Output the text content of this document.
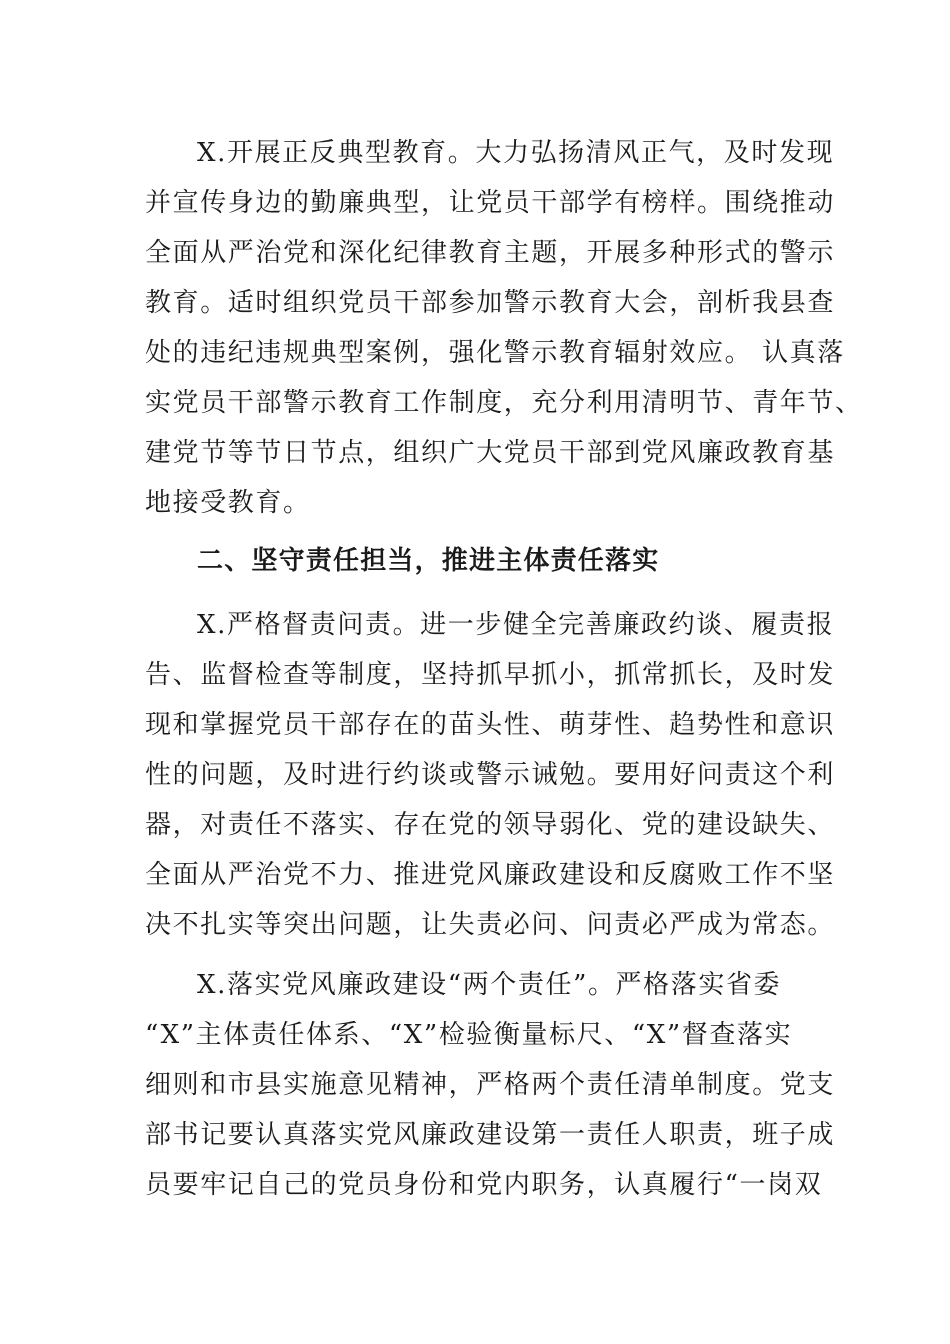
X.开展正反典型教育。大力弘扬清风正气，及时发现
并宣传身边的勤廉典型，让党员干部学有榜样。围绕推动
全面从严治党和深化纪律教育主题，开展多种形式的警示
教育。适时组织党员干部参加警示教育大会，剖析我县查
处的违纪违规典型案例，强化警示教育辐射效应。 认真落
实党员干部警示教育工作制度，充分利用清明节、青年节、
建党节等节日节点，组织广大党员干部到党风廉政教育基
地接受教育。
二、坚守责任担当，推进主体责任落实
X.严格督责问责。进一步健全完善廉政约谈、履责报
告、监督检查等制度，坚持抓早抓小，抓常抓长，及时发
现和掌握党员干部存在的苗头性、萌芽性、趋势性和意识
性的问题，及时进行约谈或警示诫勉。要用好问责这个利
器，对责任不落实、存在党的领导弱化、党的建设缺失、
全面从严治党不力、推进党风廉政建设和反腐败工作不坚
决不扎实等突出问题，让失责必问、问责必严成为常态。
X.落实党风廉政建设“两个责任”。严格落实省委
“X”主体责任体系、“X”检验衡量标尺、“X”督查落实
细则和市县实施意见精神，严格两个责任清单制度。党支
部书记要认真落实党风廉政建设第一责任人职责，班子成
员要牢记自己的党员身份和党内职务，认真履行“一岗双
